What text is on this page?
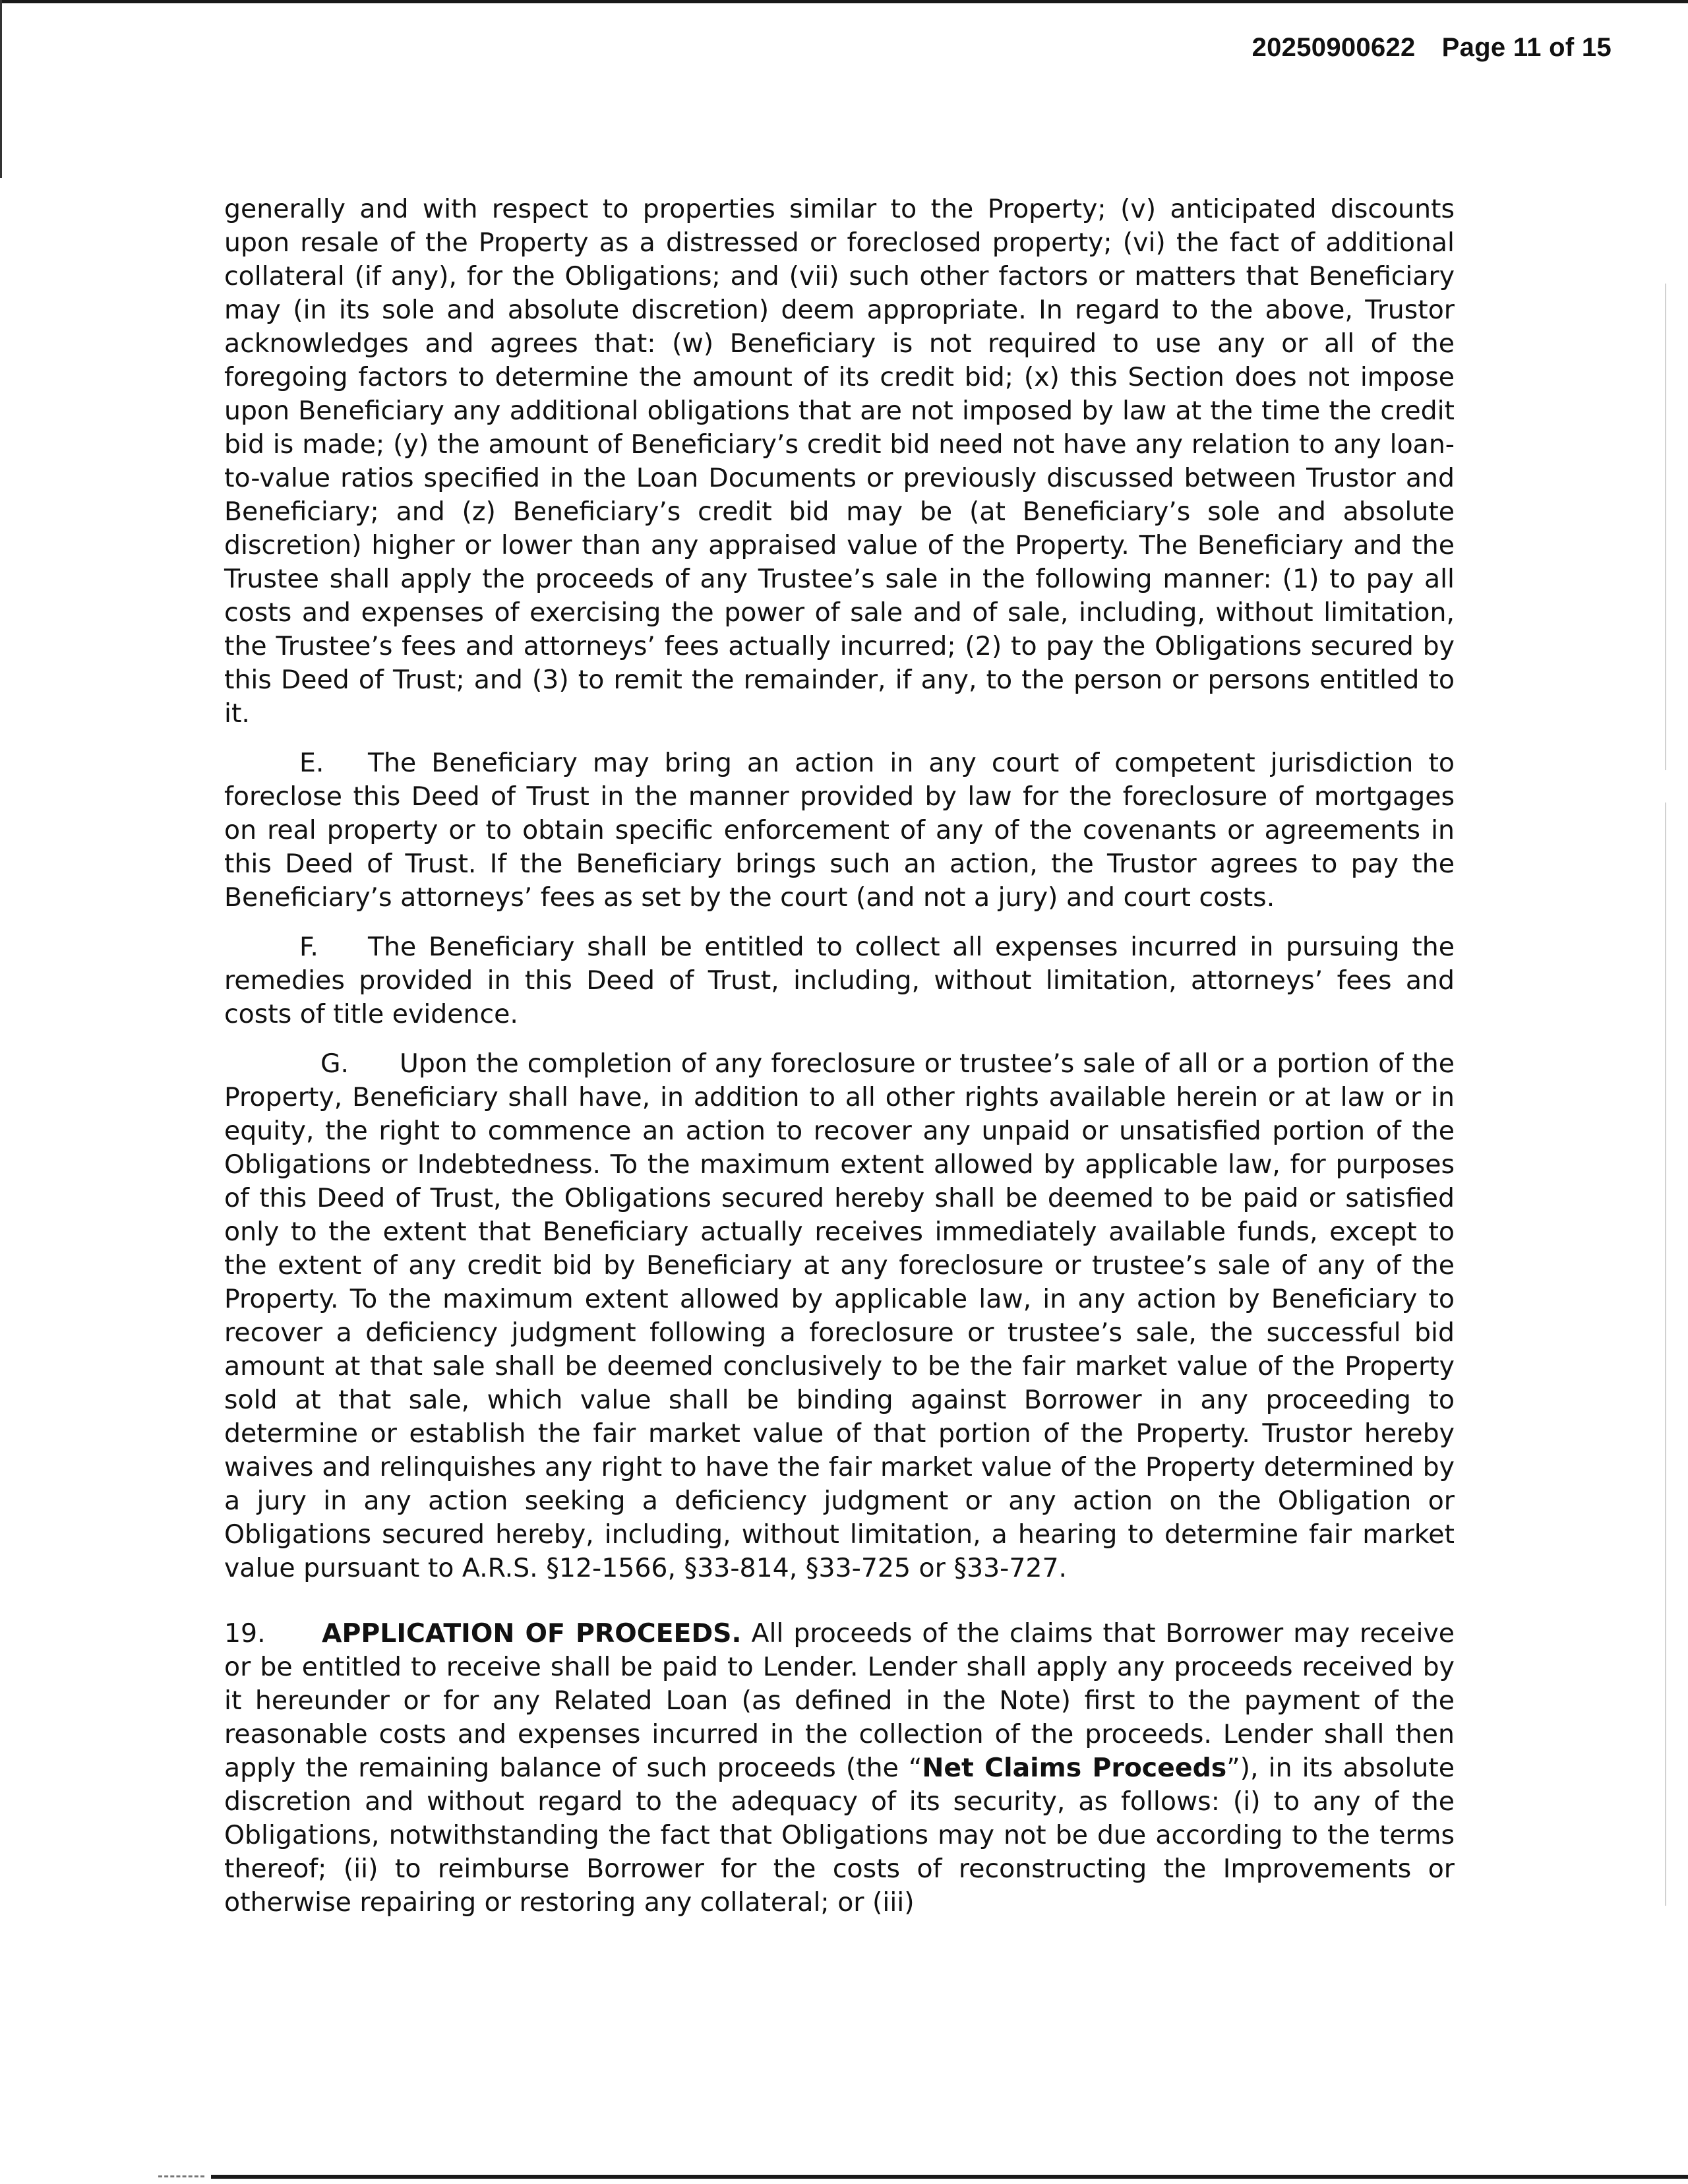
20250900622 Page 11 of 15

generally and with respect to properties similar to the Property; (v) anticipated discounts upon resale of the Property as a distressed or foreclosed property; (vi) the fact of additional collateral (if any), for the Obligations; and (vii) such other factors or matters that Beneficiary may (in its sole and absolute discretion) deem appropriate. In regard to the above, Trustor acknowledges and agrees that: (w) Beneficiary is not required to use any or all of the foregoing factors to determine the amount of its credit bid; (x) this Section does not impose upon Beneficiary any additional obligations that are not imposed by law at the time the credit bid is made; (y) the amount of Beneficiary’s credit bid need not have any relation to any loan-to-value ratios specified in the Loan Documents or previously discussed between Trustor and Beneficiary; and (z) Beneficiary’s credit bid may be (at Beneficiary’s sole and absolute discretion) higher or lower than any appraised value of the Property. The Beneficiary and the Trustee shall apply the proceeds of any Trustee’s sale in the following manner: (1) to pay all costs and expenses of exercising the power of sale and of sale, including, without limitation, the Trustee’s fees and attorneys’ fees actually incurred; (2) to pay the Obligations secured by this Deed of Trust; and (3) to remit the remainder, if any, to the person or persons entitled to it.

E. The Beneficiary may bring an action in any court of competent jurisdiction to foreclose this Deed of Trust in the manner provided by law for the foreclosure of mortgages on real property or to obtain specific enforcement of any of the covenants or agreements in this Deed of Trust. If the Beneficiary brings such an action, the Trustor agrees to pay the Beneficiary’s attorneys’ fees as set by the court (and not a jury) and court costs.

F. The Beneficiary shall be entitled to collect all expenses incurred in pursuing the remedies provided in this Deed of Trust, including, without limitation, attorneys’ fees and costs of title evidence.

G. Upon the completion of any foreclosure or trustee’s sale of all or a portion of the Property, Beneficiary shall have, in addition to all other rights available herein or at law or in equity, the right to commence an action to recover any unpaid or unsatisfied portion of the Obligations or Indebtedness. To the maximum extent allowed by applicable law, for purposes of this Deed of Trust, the Obligations secured hereby shall be deemed to be paid or satisfied only to the extent that Beneficiary actually receives immediately available funds, except to the extent of any credit bid by Beneficiary at any foreclosure or trustee’s sale of any of the Property. To the maximum extent allowed by applicable law, in any action by Beneficiary to recover a deficiency judgment following a foreclosure or trustee’s sale, the successful bid amount at that sale shall be deemed conclusively to be the fair market value of the Property sold at that sale, which value shall be binding against Borrower in any proceeding to determine or establish the fair market value of that portion of the Property. Trustor hereby waives and relinquishes any right to have the fair market value of the Property determined by a jury in any action seeking a deficiency judgment or any action on the Obligation or Obligations secured hereby, including, without limitation, a hearing to determine fair market value pursuant to A.R.S. §12-1566, §33-814, §33-725 or §33-727.

19. APPLICATION OF PROCEEDS. All proceeds of the claims that Borrower may receive or be entitled to receive shall be paid to Lender. Lender shall apply any proceeds received by it hereunder or for any Related Loan (as defined in the Note) first to the payment of the reasonable costs and expenses incurred in the collection of the proceeds. Lender shall then apply the remaining balance of such proceeds (the “Net Claims Proceeds”), in its absolute discretion and without regard to the adequacy of its security, as follows: (i) to any of the Obligations, notwithstanding the fact that Obligations may not be due according to the terms thereof; (ii) to reimburse Borrower for the costs of reconstructing the Improvements or otherwise repairing or restoring any collateral; or (iii)
